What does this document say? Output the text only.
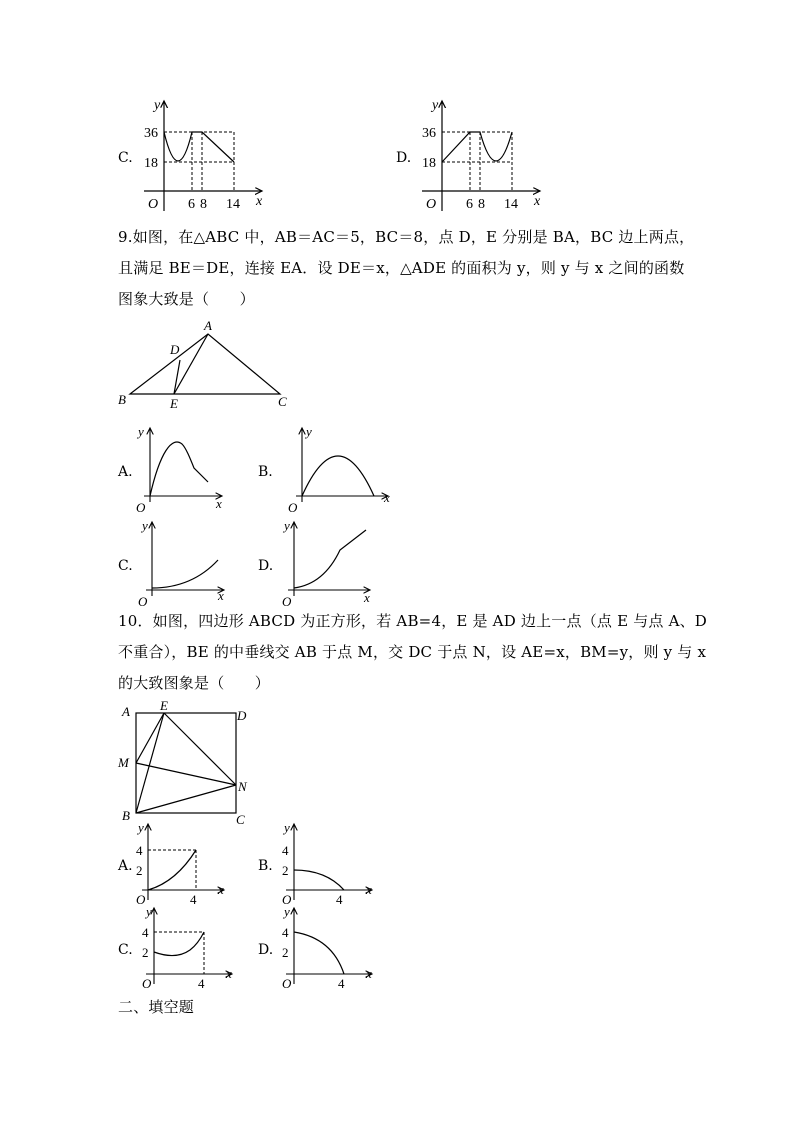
C.
36
18
6 8 14
O	x
y
D.
36
18
6 8 14
O	x
y
9.如图，在△ABC 中，AB＝AC＝5，BC＝8，点 D，E 分别是 BA，BC 边上两点，
且满足 BE＝DE，连接 EA．设 DE＝x，△ADE 的面积为 y，则 y 与 x 之间的函数
图象大致是（　　）
A
D
B	E	C
A.
O	x
y
B.
O
x
y
C.
O	x
y
D.
O	x
y
10．如图，四边形 ABCD 为正方形，若 AB=4，E 是 AD 边上一点（点 E 与点 A、D
不重合），BE 的中垂线交 AB 于点 M，交 DC 于点 N，设 AE=x，BM=y，则 y 与 x
的大致图象是（　　）
A E
D
M
N
B	C
A.
4
2
4
O
x
y
B.
4
2
4
O
x
y
C.
4
2
4
O
x
y
D.
4
2
4
O
x
y
二、填空题
